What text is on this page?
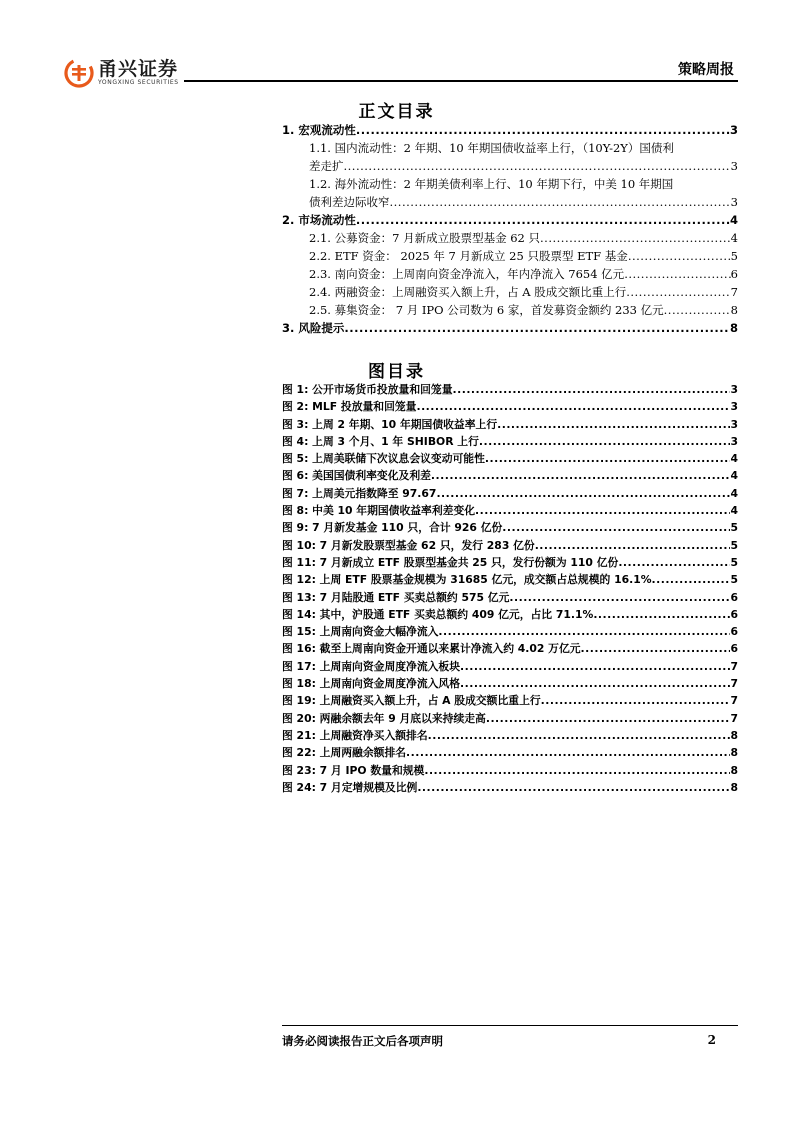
甬兴证券
YONGXING SECURITIES
策略周报
正文目录
1. 宏观流动性 .....	3
1.1. 国内流动性：2 年期、10 年期国债收益率上行，（10Y-2Y）国债利
差走扩 .....	3
1.2. 海外流动性：2 年期美债利率上行、10 年期下行，中美 10 年期国
债利差边际收窄 .....	3
2. 市场流动性 .....	4
2.1. 公募资金：7 月新成立股票型基金 62 只 .....	4
2.2. ETF 资金： 2025 年 7 月新成立 25 只股票型 ETF 基金 .....	5
2.3. 南向资金：上周南向资金净流入，年内净流入 7654 亿元 .....	6
2.4. 两融资金：上周融资买入额上升，占 A 股成交额比重上行 .....	7
2.5. 募集资金： 7 月 IPO 公司数为 6 家，首发募资金额约 233 亿元 .....	8
3. 风险提示 .....	8
图目录
图 1: 公开市场货币投放量和回笼量 .....	3
图 2: MLF 投放量和回笼量 .....	3
图 3: 上周 2 年期、10 年期国债收益率上行 .....	3
图 4: 上周 3 个月、1 年 SHIBOR 上行 .....	3
图 5: 上周美联储下次议息会议变动可能性 .....	4
图 6: 美国国债利率变化及利差 .....	4
图 7: 上周美元指数降至 97.67 .....	4
图 8: 中美 10 年期国债收益率利差变化 .....	4
图 9: 7 月新发基金 110 只，合计 926 亿份 .....	5
图 10: 7 月新发股票型基金 62 只，发行 283 亿份 .....	5
图 11: 7 月新成立 ETF 股票型基金共 25 只，发行份额为 110 亿份 .....	5
图 12: 上周 ETF 股票基金规模为 31685 亿元，成交额占总规模的 16.1% .....	5
图 13: 7 月陆股通 ETF 买卖总额约 575 亿元 .....	6
图 14: 其中，沪股通 ETF 买卖总额约 409 亿元，占比 71.1% .....	6
图 15: 上周南向资金大幅净流入 .....	6
图 16: 截至上周南向资金开通以来累计净流入约 4.02 万亿元 .....	6
图 17: 上周南向资金周度净流入板块 .....	7
图 18: 上周南向资金周度净流入风格 .....	7
图 19: 上周融资买入额上升，占 A 股成交额比重上行 .....	7
图 20: 两融余额去年 9 月底以来持续走高 .....	7
图 21: 上周融资净买入额排名 .....	8
图 22: 上周两融余额排名 .....	8
图 23: 7 月 IPO 数量和规模 .....	8
图 24: 7 月定增规模及比例 .....	8
请务必阅读报告正文后各项声明	2
